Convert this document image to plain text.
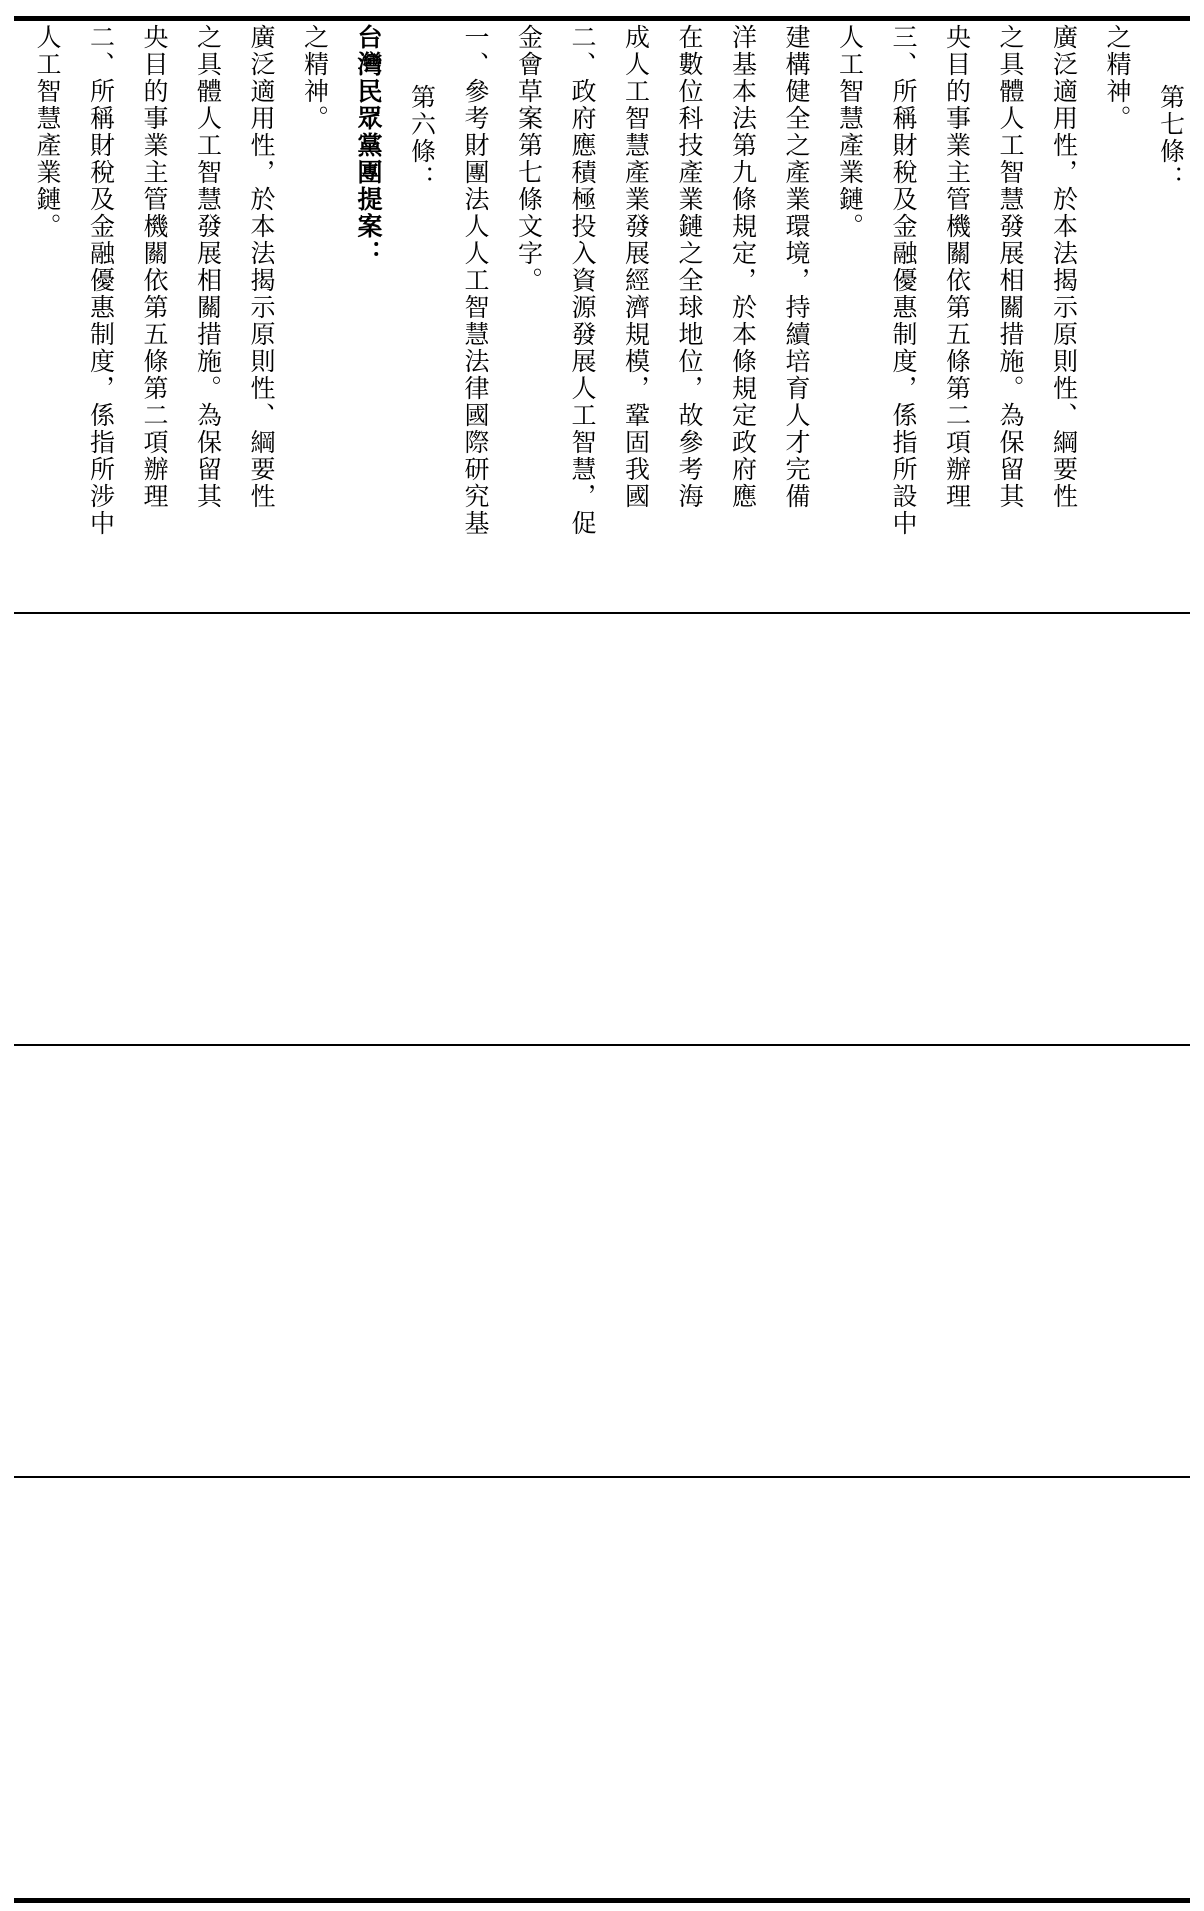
人工智慧產業鏈。 二、所稱財稅及金融優惠制度，係指所涉中 央目的事業主管機關依第五條第二項辦理 之具體人工智慧發展相關措施。為保留其 廣泛適用性，於本法揭示原則性、綱要性 之精神。 台灣民眾黨團提案： 第六條： 一、參考財團法人人工智慧法律國際研究基 金會草案第七條文字。 二、政府應積極投入資源發展人工智慧，促 成人工智慧產業發展經濟規模，鞏固我國 在數位科技產業鏈之全球地位，故參考海 洋基本法第九條規定，於本條規定政府應 建構健全之產業環境，持續培育人才完備 人工智慧產業鏈。 三、所稱財稅及金融優惠制度，係指所設中 央目的事業主管機關依第五條第二項辦理 之具體人工智慧發展相關措施。為保留其 廣泛適用性，於本法揭示原則性、綱要性 之精神。
第七條：
